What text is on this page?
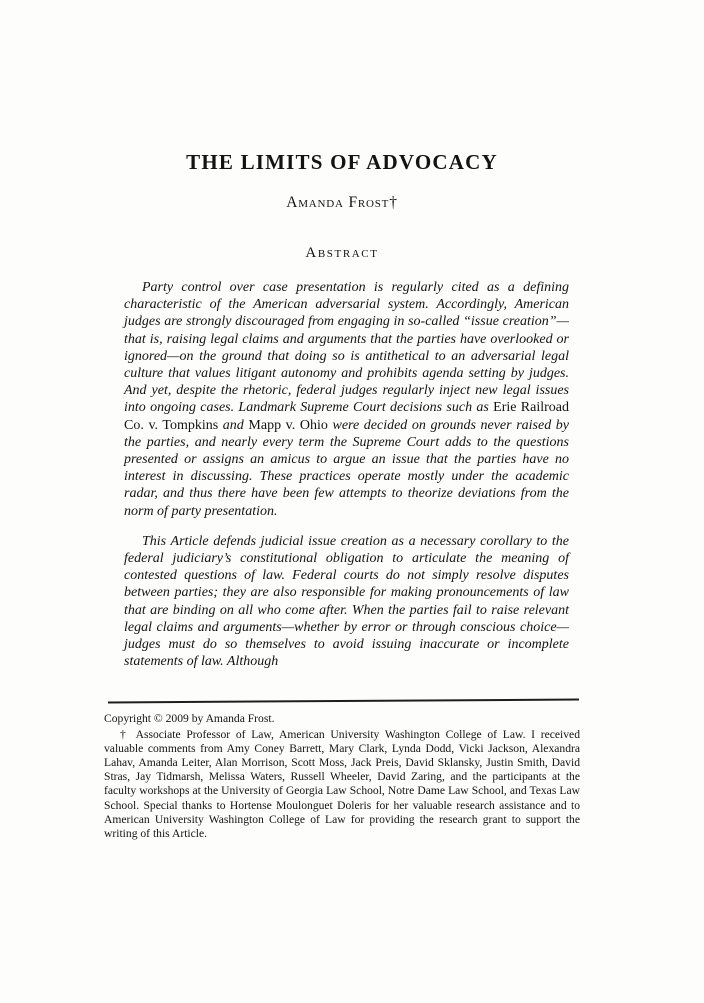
THE LIMITS OF ADVOCACY
Amanda Frost†
Abstract

Party control over case presentation is regularly cited as a defining characteristic of the American adversarial system. Accordingly, American judges are strongly discouraged from engaging in so-called “issue creation”—that is, raising legal claims and arguments that the parties have overlooked or ignored—on the ground that doing so is antithetical to an adversarial legal culture that values litigant autonomy and prohibits agenda setting by judges. And yet, despite the rhetoric, federal judges regularly inject new legal issues into ongoing cases. Landmark Supreme Court decisions such as Erie Railroad Co. v. Tompkins and Mapp v. Ohio were decided on grounds never raised by the parties, and nearly every term the Supreme Court adds to the questions presented or assigns an amicus to argue an issue that the parties have no interest in discussing. These practices operate mostly under the academic radar, and thus there have been few attempts to theorize deviations from the norm of party presentation.

This Article defends judicial issue creation as a necessary corollary to the federal judiciary’s constitutional obligation to articulate the meaning of contested questions of law. Federal courts do not simply resolve disputes between parties; they are also responsible for making pronouncements of law that are binding on all who come after. When the parties fail to raise relevant legal claims and arguments—whether by error or through conscious choice—judges must do so themselves to avoid issuing inaccurate or incomplete statements of law. Although

Copyright © 2009 by Amanda Frost.

† Associate Professor of Law, American University Washington College of Law. I received valuable comments from Amy Coney Barrett, Mary Clark, Lynda Dodd, Vicki Jackson, Alexandra Lahav, Amanda Leiter, Alan Morrison, Scott Moss, Jack Preis, David Sklansky, Justin Smith, David Stras, Jay Tidmarsh, Melissa Waters, Russell Wheeler, David Zaring, and the participants at the faculty workshops at the University of Georgia Law School, Notre Dame Law School, and Texas Law School. Special thanks to Hortense Moulonguet Doleris for her valuable research assistance and to American University Washington College of Law for providing the research grant to support the writing of this Article.
